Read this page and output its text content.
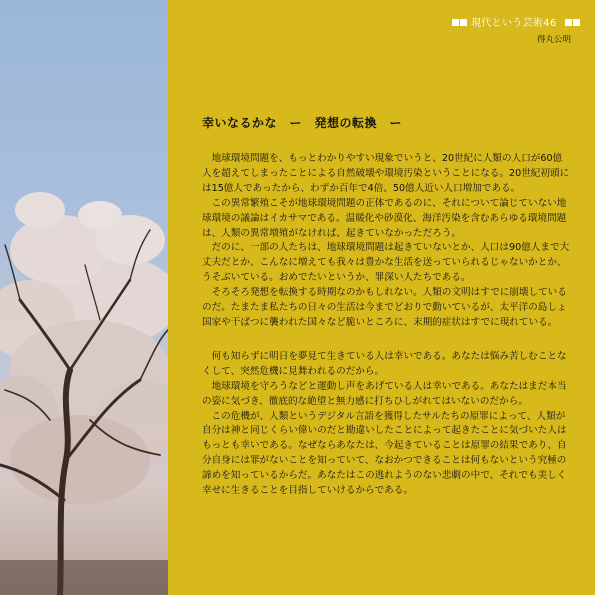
現代という芸術46
得丸公明
幸いなるかな　ー　発想の転換　ー

　地球環境問題を、もっとわかりやすい現象でいうと、20世紀に人類の人口が60億人を超えてしまったことによる自然破壊や環境汚染ということになる。20世紀初頭には15億人であったから、わずか百年で4倍、50億人近い人口増加である。

　この異常繁殖こそが地球環境問題の正体であるのに、それについて論じていない地球環境の議論はイカサマである。温暖化や砂漠化、海洋汚染を含むあらゆる環境問題は、人類の異常増殖がなければ、起きていなかっただろう。

　だのに、一部の人たちは、地球環境問題は起きていないとか、人口は90億人まで大丈夫だとか、こんなに増えても我々は豊かな生活を送っていられるじゃないかとか、うそぶいている。おめでたいというか、罪深い人たちである。

　そろそろ発想を転換する時期なのかもしれない。人類の文明はすでに崩壊しているのだ。たまたま私たちの日々の生活は今までどおりで動いているが、太平洋の島しょ国家や干ばつに襲われた国々など脆いところに、末期的症状はすでに現れている。

　何も知らずに明日を夢見て生きている人は幸いである。あなたは悩み苦しむことなくして、突然危機に見舞われるのだから。

　地球環境を守ろうなどと運動し声をあげている人は幸いである。あなたはまだ本当の姿に気づき、徹底的な絶望と無力感に打ちひしがれてはいないのだから。

　この危機が、人類というデジタル言語を獲得したサルたちの原罪によって、人類が自分は神と同じくらい偉いのだと勘違いしたことによって起きたことに気づいた人はもっとも幸いである。なぜならあなたは、今起きていることは原罪の結果であり、自分自身には罪がないことを知っていて、なおかつできることは何もないという究極の諦めを知っているからだ。あなたはこの逃れようのない悲劇の中で、それでも美しく幸せに生きることを目指していけるからである。
